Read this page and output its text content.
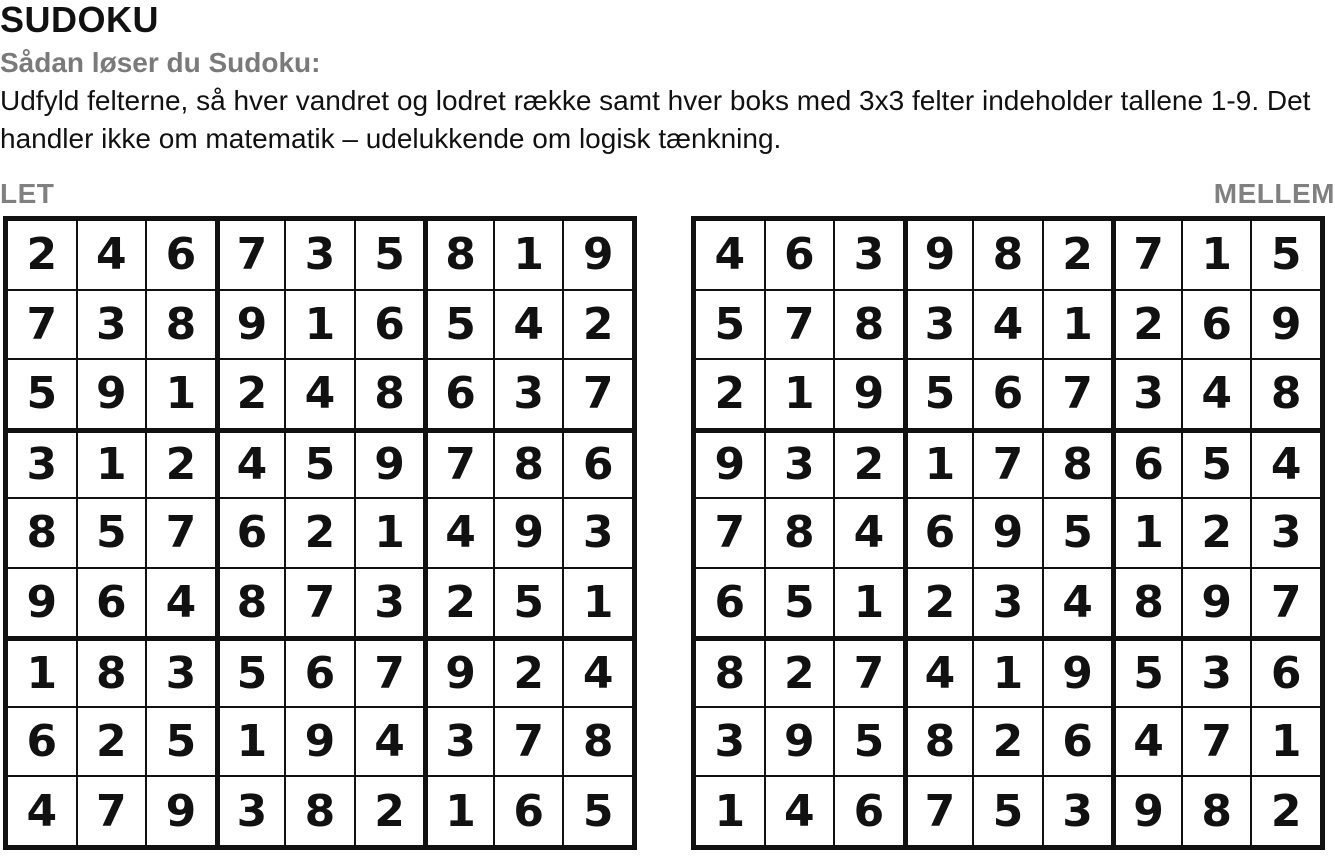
SUDOKU
Sådan løser du Sudoku:
Udfyld felterne, så hver vandret og lodret række samt hver boks med 3x3 felter indeholder tallene 1-9. Det handler ikke om matematik – udelukkende om logisk tænkning.
LET	MELLEM
2 4 6 7 3 5 8 1 9
7 3 8 9 1 6 5 4 2
5 9 1 2 4 8 6 3 7
3 1 2 4 5 9 7 8 6
8 5 7 6 2 1 4 9 3
9 6 4 8 7 3 2 5 1
1 8 3 5 6 7 9 2 4
6 2 5 1 9 4 3 7 8
4 7 9 3 8 2 1 6 5
4 6 3 9 8 2 7 1 5
5 7 8 3 4 1 2 6 9
2 1 9 5 6 7 3 4 8
9 3 2 1 7 8 6 5 4
7 8 4 6 9 5 1 2 3
6 5 1 2 3 4 8 9 7
8 2 7 4 1 9 5 3 6
3 9 5 8 2 6 4 7 1
1 4 6 7 5 3 9 8 2
